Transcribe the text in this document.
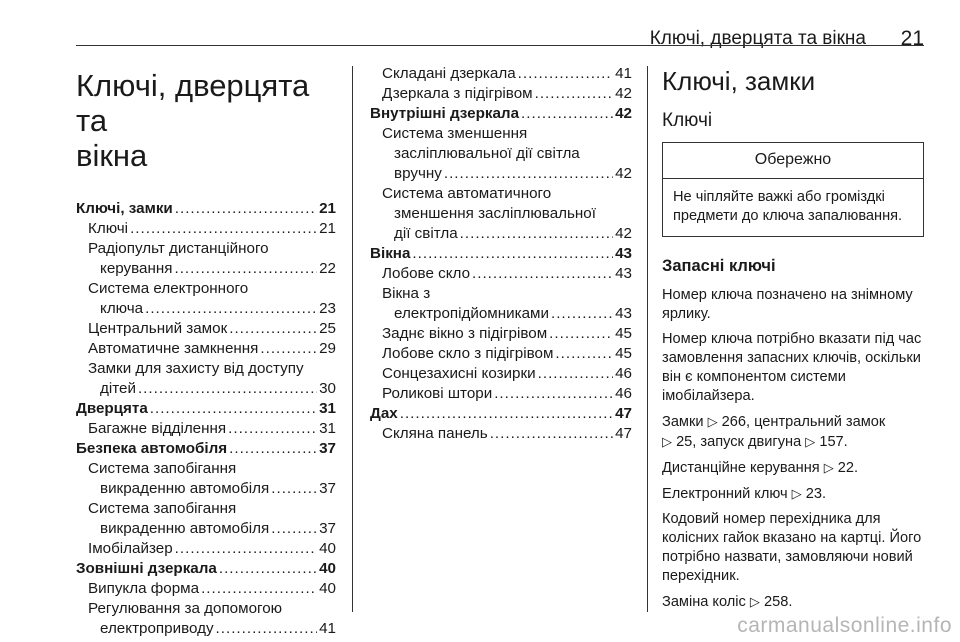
Ключі, дверцята та вікна 21
Ключі, дверцята та
вікна
Ключі, замки .....	21
Ключі .....	21
Радіопульт дистанційного
керування .....	22
Система електронного
ключа .....	23
Центральний замок .....	25
Автоматичне замкнення .....	29
Замки для захисту від доступу
дітей .....	30
Дверцята .....	31
Багажне відділення .....	31
Безпека автомобіля .....	37
Система запобігання
викраденню автомобіля .....	37
Система запобігання
викраденню автомобіля .....	37
Імобілайзер .....	40
Зовнішні дзеркала .....	40
Випукла форма .....	40
Регулювання за допомогою
електроприводу .....	41
Складані дзеркала .....	41
Дзеркала з підігрівом .....	42
Внутрішні дзеркала .....	42
Система зменшення
засліплювальної дії світла
вручну .....	42
Система автоматичного
зменшення засліплювальної
дії світла .....	42
Вікна .....	43
Лобове скло .....	43
Вікна з
електропідйомниками .....	43
Заднє вікно з підігрівом .....	45
Лобове скло з підігрівом .....	45
Сонцезахисні козирки .....	46
Роликові штори .....	46
Дах .....	47
Скляна панель .....	47
Ключі, замки
Ключі
Обережно
Не чіпляйте важкі або громіздкі предмети до ключа запалювання.
Запасні ключі
Номер ключа позначено на знімному ярлику.
Номер ключа потрібно вказати під час замовлення запасних ключів, оскільки він є компонентом системи імобілайзера.
Замки ▷ 266, центральний замок
▷ 25, запуск двигуна ▷ 157.
Дистанційне керування ▷ 22.
Електронний ключ ▷ 23.
Кодовий номер перехідника для колісних гайок вказано на картці. Його потрібно назвати, замовляючи новий перехідник.
Заміна коліс ▷ 258.
carmanualsonline.info
